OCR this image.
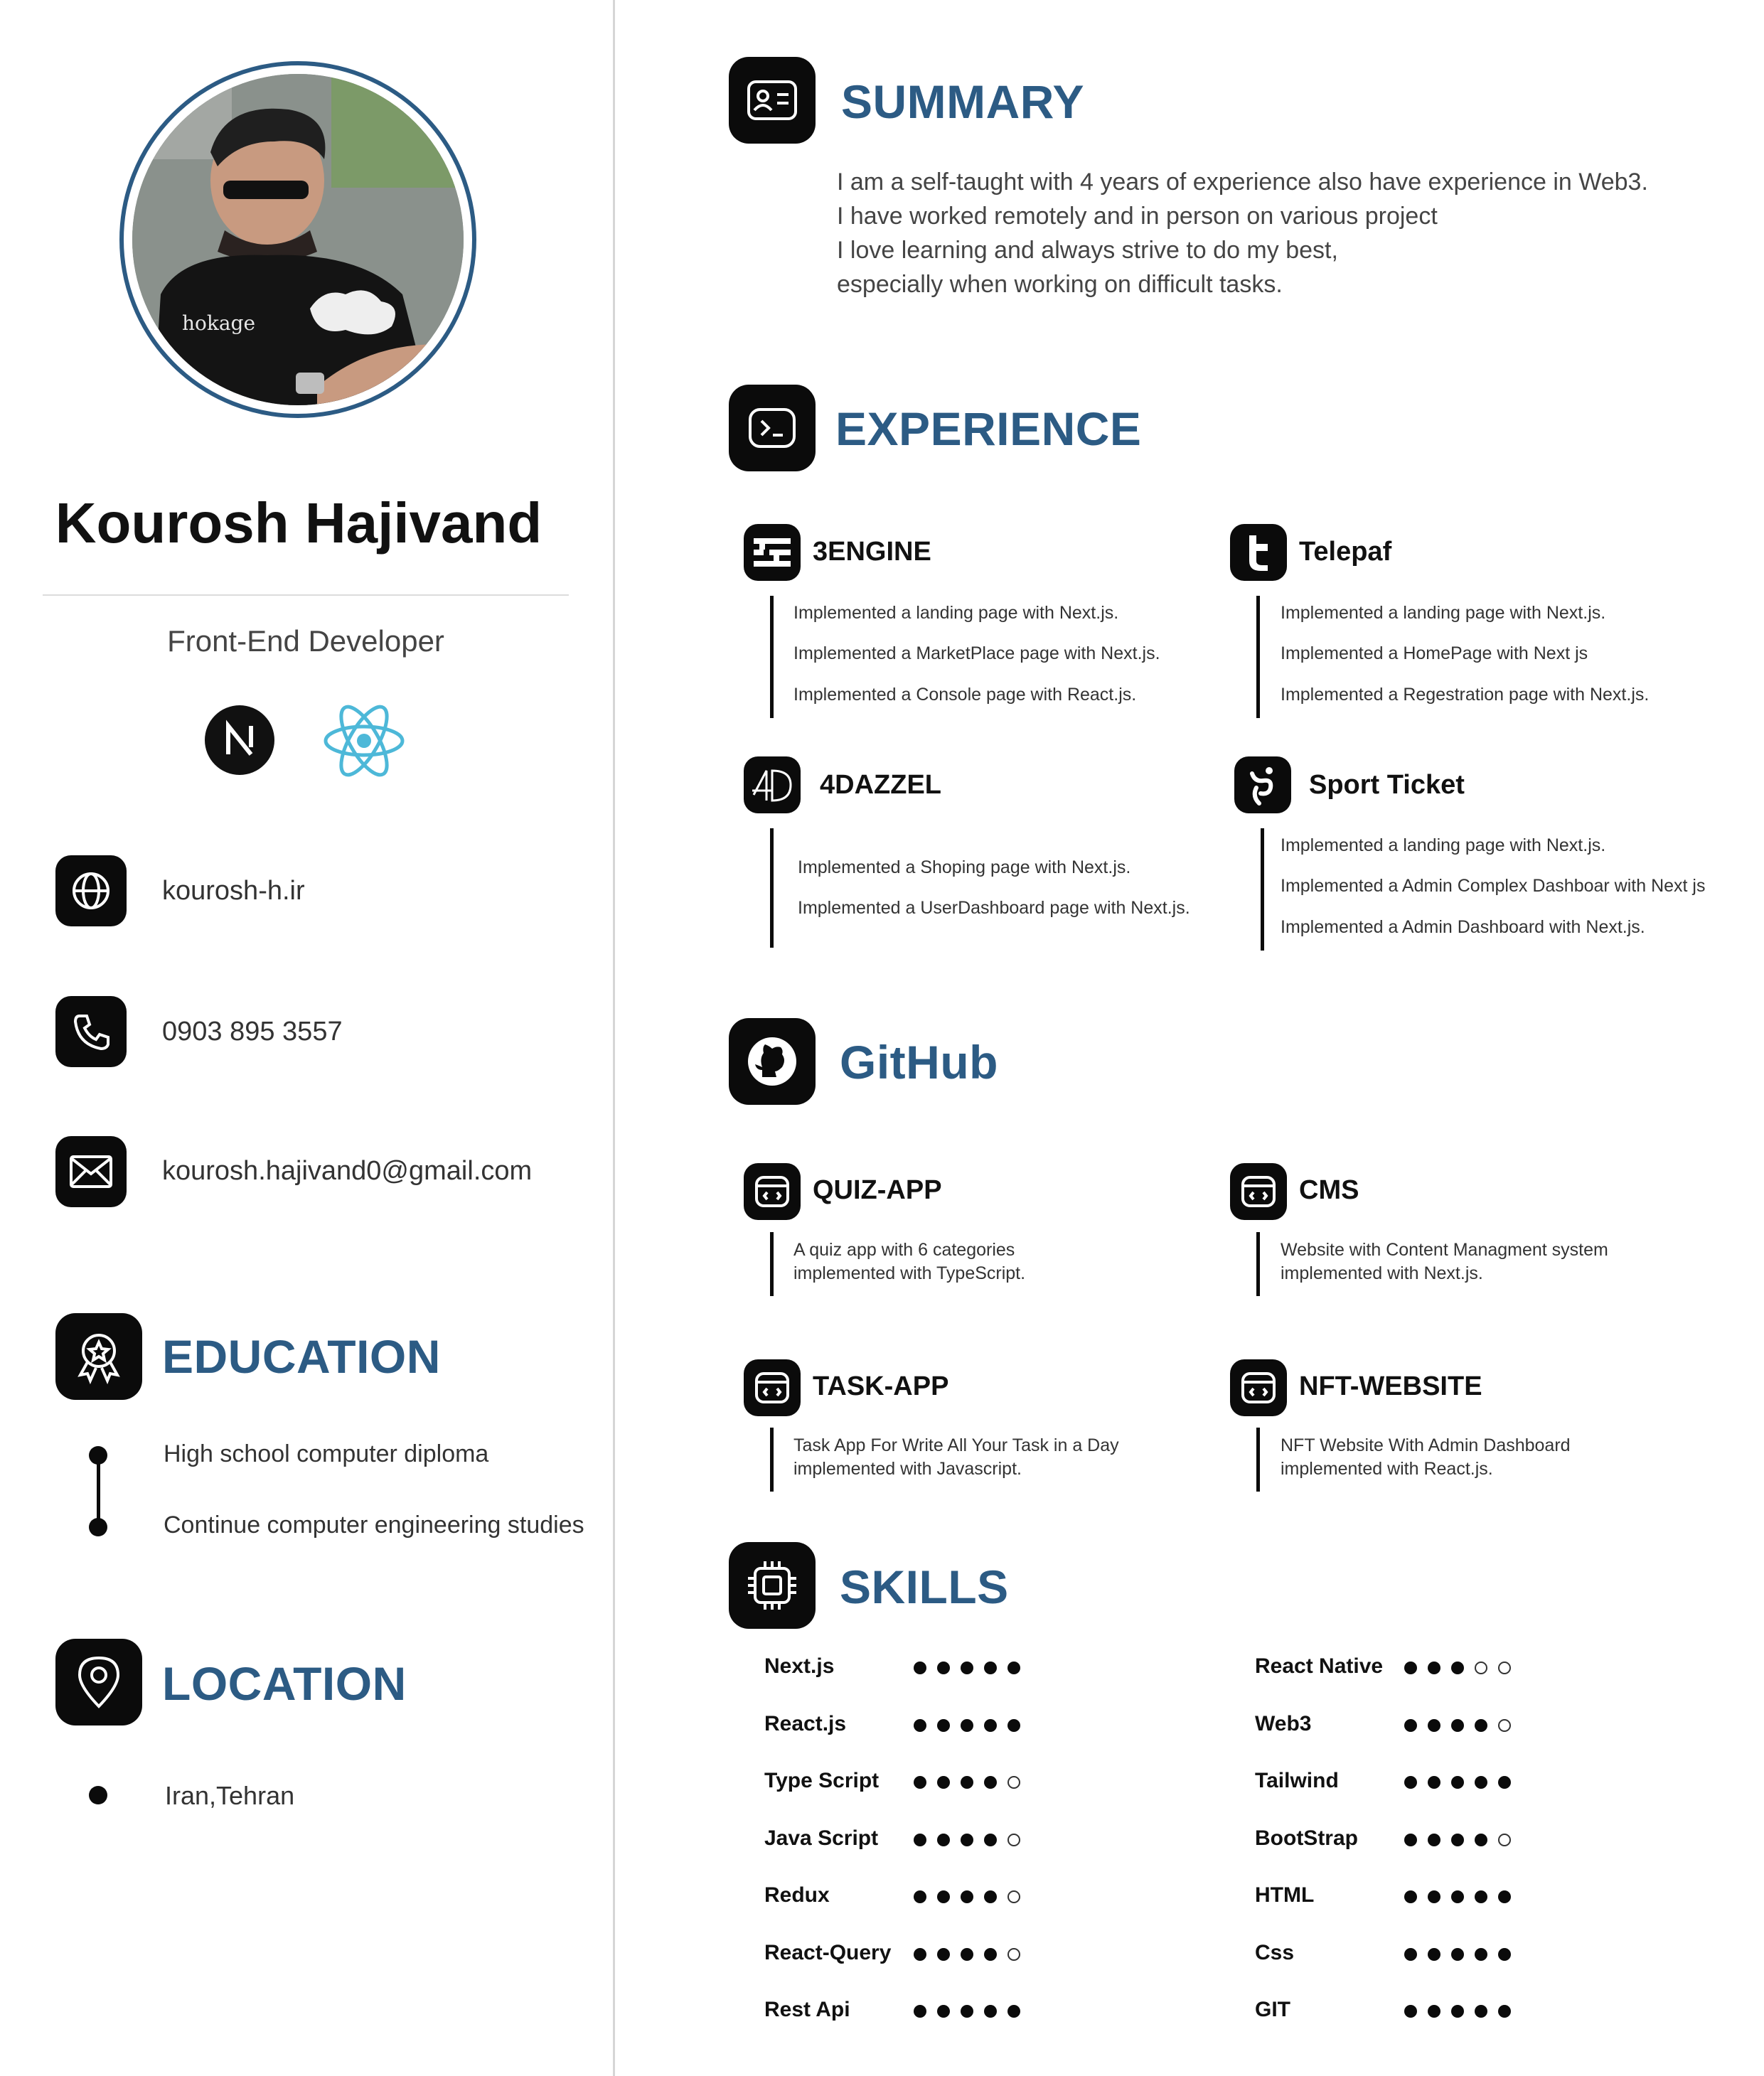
hokage
Kourosh Hajivand
Front-End Developer
kourosh-h.ir
0903 895 3557
kourosh.hajivand0@gmail.com
EDUCATION
High school computer diploma
Continue computer engineering studies
LOCATION
Iran,Tehran
SUMMARY
I am a self-taught with 4 years of experience also have experience in Web3.
I have worked remotely and in person on various project
I love learning and always strive to do my best,
especially when working on difficult tasks.
EXPERIENCE
3ENGINE
Implemented a landing page with Next.js.
Implemented a MarketPlace page with Next.js.
Implemented a Console page with React.js.
Telepaf
Implemented a landing page with Next.js.
Implemented a HomePage with Next js
Implemented a Regestration page with Next.js.
4DAZZEL
Implemented a Shoping page with Next.js.
Implemented a UserDashboard page with Next.js.
Sport Ticket
Implemented a landing page with Next.js.
Implemented a Admin Complex Dashboar with Next js
Implemented a Admin Dashboard with Next.js.
GitHub
QUIZ-APP
A quiz app with 6 categories
implemented with TypeScript.
CMS
Website with Content Managment system
implemented with Next.js.
TASK-APP
Task App For Write All Your Task in a Day
implemented with Javascript.
NFT-WEBSITE
NFT Website With Admin Dashboard
implemented with React.js.
SKILLS
Next.js
React.js
Type Script
Java Script
Redux
React-Query
Rest Api
React Native
Web3
Tailwind
BootStrap
HTML
Css
GIT
